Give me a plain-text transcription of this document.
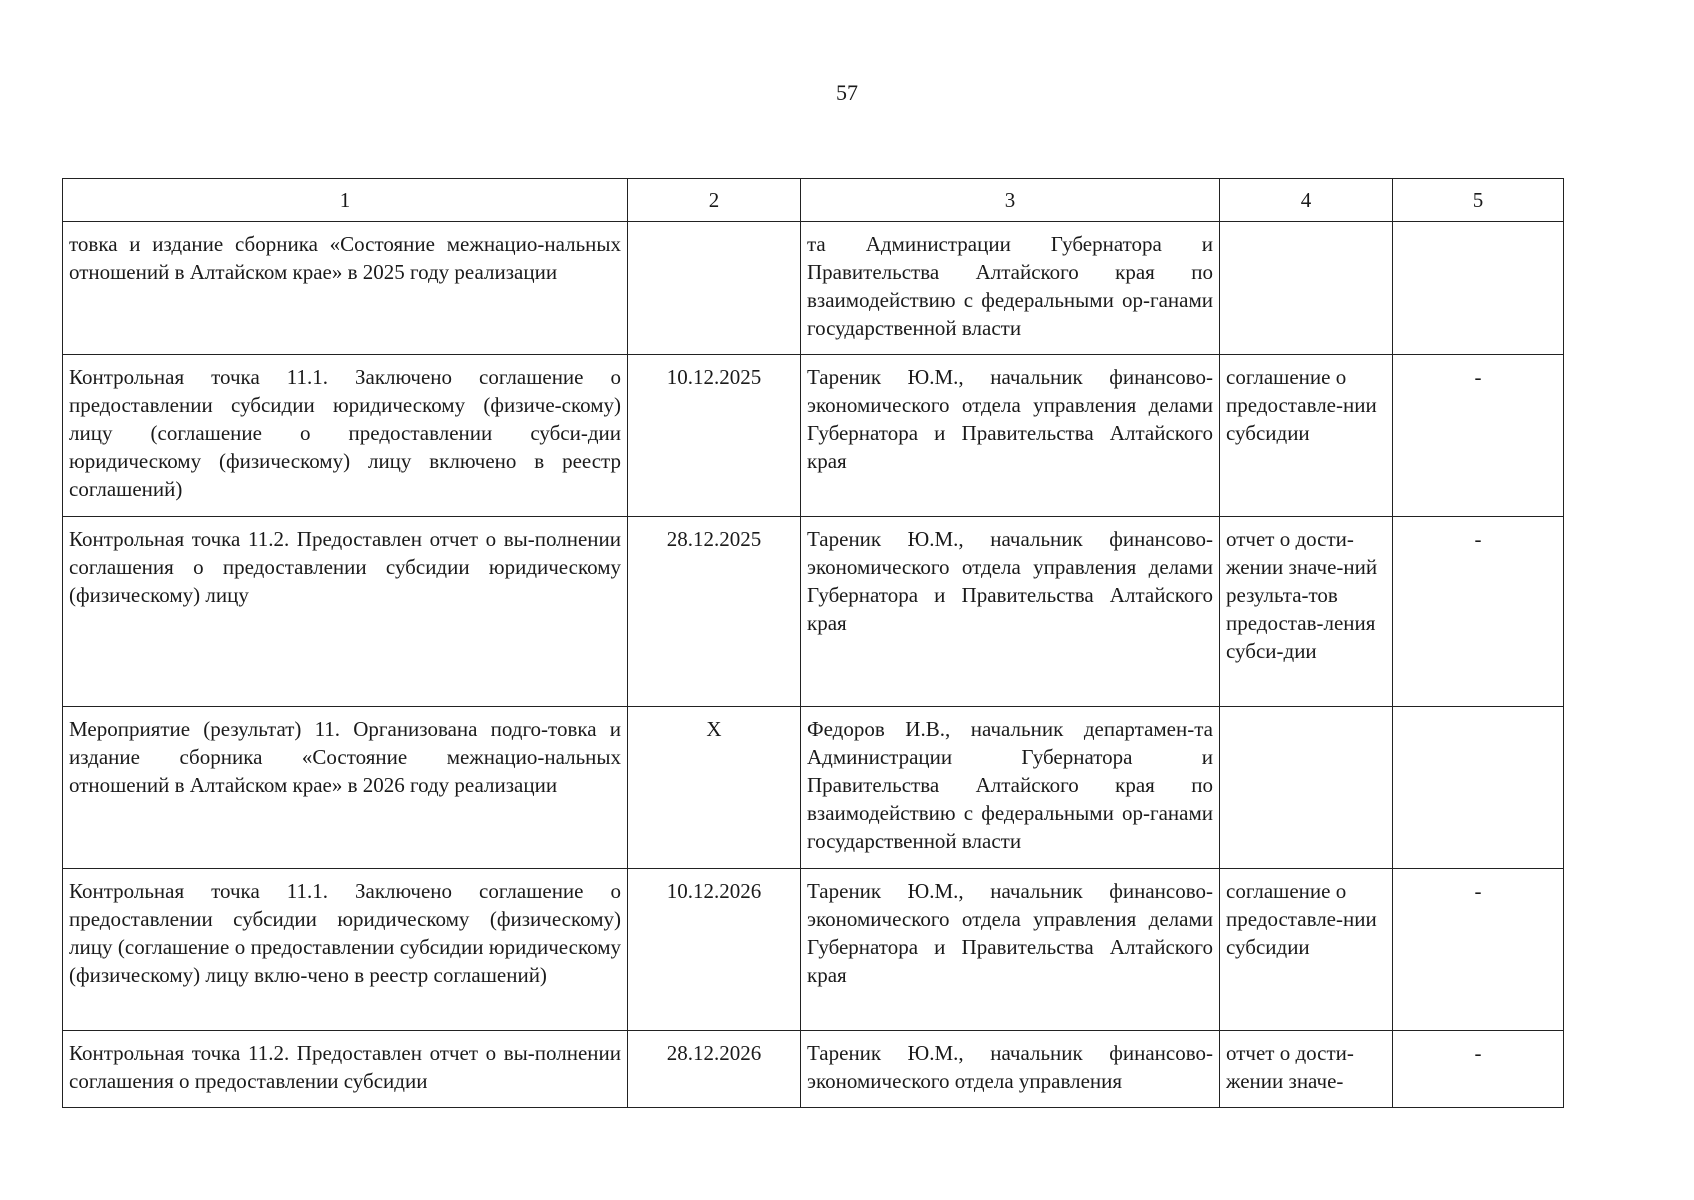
57
1	2	3	4	5
товка и издание сборника «Состояние межнацио-нальных отношений в Алтайском крае» в 2025 году реализации		та Администрации Губернатора и Правительства Алтайского края по взаимодействию с федеральными ор-ганами государственной власти		
Контрольная точка 11.1. Заключено соглашение о предоставлении субсидии юридическому (физиче-скому) лицу (соглашение о предоставлении субси-дии юридическому (физическому) лицу включено в реестр соглашений)	10.12.2025	Тареник Ю.М., начальник финансово-экономического отдела управления делами Губернатора и Правительства Алтайского края	соглашение о предоставле-нии субсидии	-
Контрольная точка 11.2. Предоставлен отчет о вы-полнении соглашения о предоставлении субсидии юридическому (физическому) лицу	28.12.2025	Тареник Ю.М., начальник финансово-экономического отдела управления делами Губернатора и Правительства Алтайского края	отчет о дости-жении значе-ний результа-тов предостав-ления субси-дии	-
Мероприятие (результат) 11. Организована подго-товка и издание сборника «Состояние межнацио-нальных отношений в Алтайском крае» в 2026 году реализации	X	Федоров И.В., начальник департамен-та Администрации Губернатора и Правительства Алтайского края по взаимодействию с федеральными ор-ганами государственной власти		
Контрольная точка 11.1. Заключено соглашение о предоставлении субсидии юридическому (физическому) лицу (соглашение о предоставлении субсидии юридическому (физическому) лицу вклю-чено в реестр соглашений)	10.12.2026	Тареник Ю.М., начальник финансово-экономического отдела управления делами Губернатора и Правительства Алтайского края	соглашение о предоставле-нии субсидии	-
Контрольная точка 11.2. Предоставлен отчет о вы-полнении соглашения о предоставлении субсидии	28.12.2026	Тареник Ю.М., начальник финансово-экономического отдела управления	отчет о дости-жении значе-	-
